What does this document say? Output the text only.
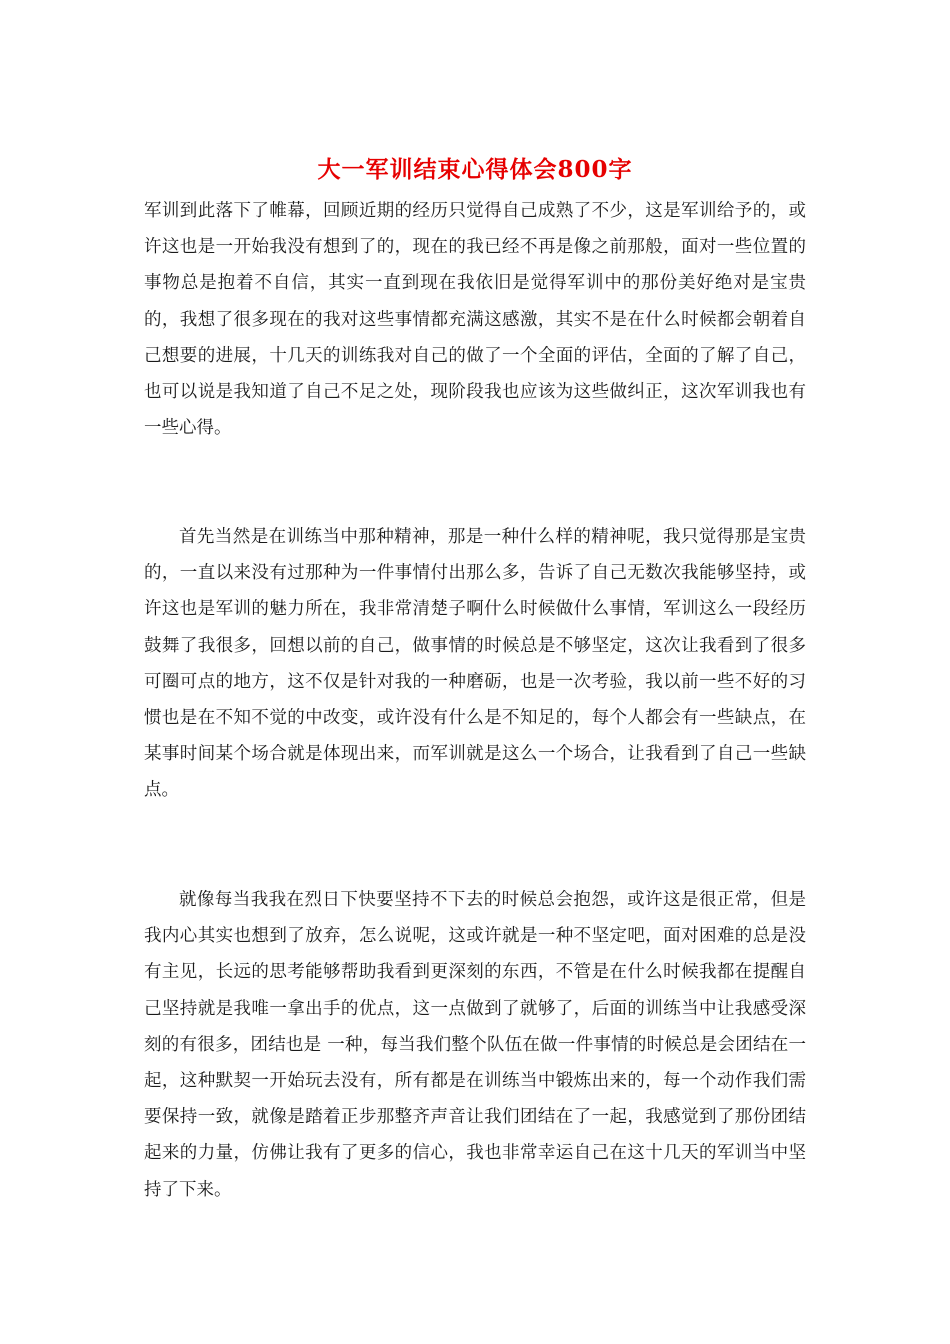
大一军训结束心得体会800字

军训到此落下了帷幕，回顾近期的经历只觉得自己成熟了不少，这是军训给予的，或许这也是一开始我没有想到了的，现在的我已经不再是像之前那般，面对一些位置的事物总是抱着不自信，其实一直到现在我依旧是觉得军训中的那份美好绝对是宝贵的，我想了很多现在的我对这些事情都充满这感激，其实不是在什么时候都会朝着自己想要的进展，十几天的训练我对自己的做了一个全面的评估，全面的了解了自己，也可以说是我知道了自己不足之处，现阶段我也应该为这些做纠正，这次军训我也有一些心得。

首先当然是在训练当中那种精神，那是一种什么样的精神呢，我只觉得那是宝贵的，一直以来没有过那种为一件事情付出那么多，告诉了自己无数次我能够坚持，或许这也是军训的魅力所在，我非常清楚子啊什么时候做什么事情，军训这么一段经历鼓舞了我很多，回想以前的自己，做事情的时候总是不够坚定，这次让我看到了很多可圈可点的地方，这不仅是针对我的一种磨砺，也是一次考验，我以前一些不好的习惯也是在不知不觉的中改变，或许没有什么是不知足的，每个人都会有一些缺点，在某事时间某个场合就是体现出来，而军训就是这么一个场合，让我看到了自己一些缺点。

就像每当我我在烈日下快要坚持不下去的时候总会抱怨，或许这是很正常，但是我内心其实也想到了放弃，怎么说呢，这或许就是一种不坚定吧，面对困难的总是没有主见，长远的思考能够帮助我看到更深刻的东西，不管是在什么时候我都在提醒自己坚持就是我唯一拿出手的优点，这一点做到了就够了，后面的训练当中让我感受深刻的有很多，团结也是 一种，每当我们整个队伍在做一件事情的时候总是会团结在一起，这种默契一开始玩去没有，所有都是在训练当中锻炼出来的，每一个动作我们需要保持一致，就像是踏着正步那整齐声音让我们团结在了一起，我感觉到了那份团结起来的力量，仿佛让我有了更多的信心，我也非常幸运自己在这十几天的军训当中坚持了下来。
